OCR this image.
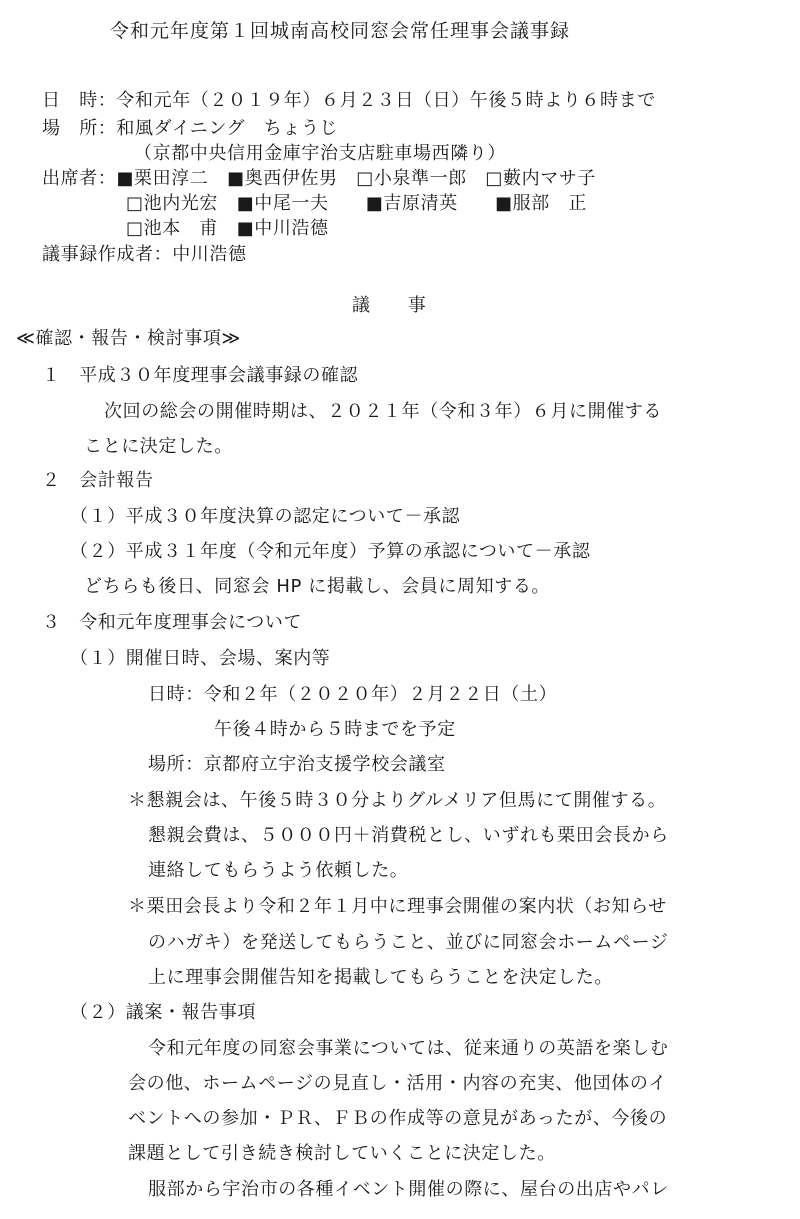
令和元年度第１回城南高校同窓会常任理事会議事録
日　時：令和元年（２０１９年）６月２３日（日）午後５時より６時まで
場　所：和風ダイニング　ちょうじ
（京都中央信用金庫宇治支店駐車場西隣り）
出席者：■栗田淳二　■奥西伊佐男　□小泉準一郎　□藪内マサ子
□池内光宏　■中尾一夫　　■吉原清英　　■服部　正
□池本　甫　■中川浩德
議事録作成者：中川浩德
議　　事
≪確認・報告・検討事項≫
１　平成３０年度理事会議事録の確認
次回の総会の開催時期は、２０２１年（令和３年）６月に開催する
ことに決定した。
２　会計報告
（１）平成３０年度決算の認定について－承認
（２）平成３１年度（令和元年度）予算の承認について－承認
どちらも後日、同窓会 HP に掲載し、会員に周知する。
３　令和元年度理事会について
（１）開催日時、会場、案内等
日時：令和２年（２０２０年）２月２２日（土）
午後４時から５時までを予定
場所：京都府立宇治支援学校会議室
＊懇親会は、午後５時３０分よりグルメリア但馬にて開催する。
懇親会費は、５０００円＋消費税とし、いずれも栗田会長から
連絡してもらうよう依頼した。
＊栗田会長より令和２年１月中に理事会開催の案内状（お知らせ
のハガキ）を発送してもらうこと、並びに同窓会ホームページ
上に理事会開催告知を掲載してもらうことを決定した。
（２）議案・報告事項
令和元年度の同窓会事業については、従来通りの英語を楽しむ
会の他、ホームページの見直し・活用・内容の充実、他団体のイ
ベントへの参加・ＰＲ、ＦＢの作成等の意見があったが、今後の
課題として引き続き検討していくことに決定した。
服部から宇治市の各種イベント開催の際に、屋台の出店やパレ
